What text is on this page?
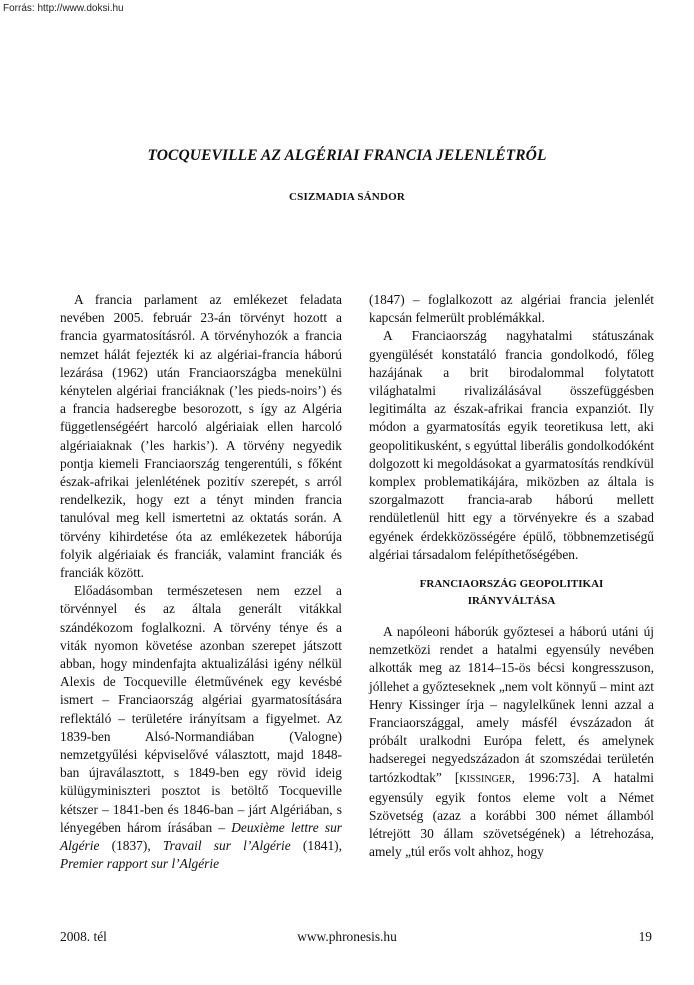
Forrás: http://www.doksi.hu
TOCQUEVILLE AZ ALGÉRIAI FRANCIA JELENLÉTRŐL
CSIZMADIA SÁNDOR

A francia parlament az emlékezet feladata nevében 2005. február 23-án törvényt hozott a francia gyarmatosításról. A törvényhozók a francia nemzet hálát fejezték ki az algériai-francia háború lezárása (1962) után Franciaországba menekülni kénytelen algériai franciáknak (’les pieds-noirs’) és a francia hadseregbe besorozott, s így az Algéria függetlenségéért harcoló algériaiak ellen harcoló algériaiaknak (’les harkis’). A törvény negyedik pontja kiemeli Franciaország tengerentúli, s főként észak-afrikai jelenlétének pozitív szerepét, s arról rendelkezik, hogy ezt a tényt minden francia tanulóval meg kell ismertetni az oktatás során. A törvény kihirdetése óta az emlékezetek háborúja folyik algériaiak és franciák, valamint franciák és franciák között.

Előadásomban természetesen nem ezzel a törvénnyel és az általa generált vitákkal szándékozom foglalkozni. A törvény ténye és a viták nyomon követése azonban szerepet játszott abban, hogy mindenfajta aktualizálási igény nélkül Alexis de Tocqueville életművének egy kevésbé ismert – Franciaország algériai gyarmatosítására reflektáló – területére irányítsam a figyelmet. Az 1839-ben Alsó-Normandiában (Valogne) nemzetgyűlési képviselővé választott, majd 1848-ban újraválasztott, s 1849-ben egy rövid ideig külügyminiszteri posztot is betöltő Tocqueville kétszer – 1841-ben és 1846-ban – járt Algériában, s lényegében három írásában – Deuxième lettre sur Algérie (1837), Travail sur l’Algérie (1841), Premier rapport sur l’Algérie

(1847) – foglalkozott az algériai francia jelenlét kapcsán felmerült problémákkal.

A Franciaország nagyhatalmi státuszának gyengülését konstatáló francia gondolkodó, főleg hazájának a brit birodalommal folytatott világhatalmi rivalizálásával összefüggésben legitimálta az észak-afrikai francia expanziót. Ily módon a gyarmatosítás egyik teoretikusa lett, aki geopolitikusként, s egyúttal liberális gondolkodóként dolgozott ki megoldásokat a gyarmatosítás rendkívül komplex problematikájára, miközben az általa is szorgalmazott francia-arab háború mellett rendületlenül hitt egy a törvényekre és a szabad egyének érdekközösségére épülő, többnemzetiségű algériai társadalom felépíthetőségében.

FRANCIAORSZÁG GEOPOLITIKAI
IRÁNYVÁLTÁSA

A napóleoni háborúk győztesei a háború utáni új nemzetközi rendet a hatalmi egyensúly nevében alkották meg az 1814–15-ös bécsi kongresszuson, jóllehet a győzteseknek „nem volt könnyű – mint azt Henry Kissinger írja – nagylelkűnek lenni azzal a Franciaországgal, amely másfél évszázadon át próbált uralkodni Európa felett, és amelynek hadseregei negyedszázadon át szomszédai területén tartózkodtak” [KISSINGER, 1996:73]. A hatalmi egyensúly egyik fontos eleme volt a Német Szövetség (azaz a korábbi 300 német államból létrejött 30 állam szövetségének) a létrehozása, amely „túl erős volt ahhoz, hogy

2008. tél	www.phronesis.hu	19
